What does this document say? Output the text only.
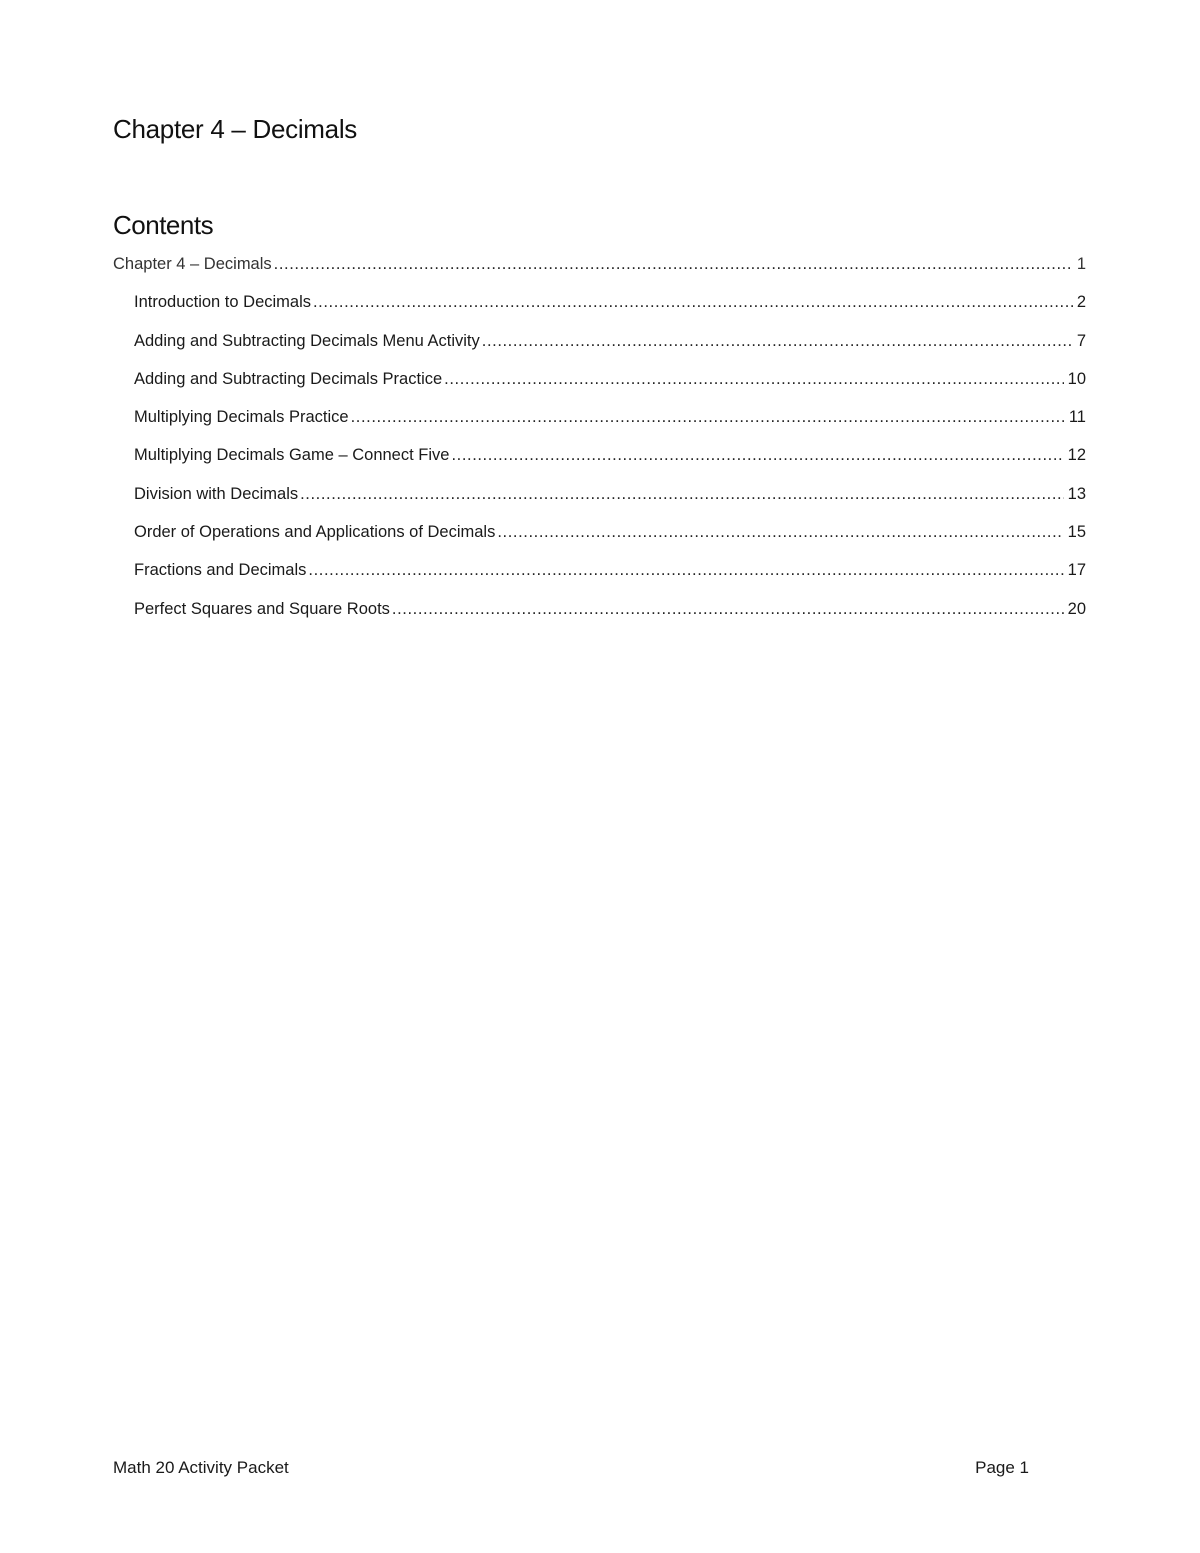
Chapter 4 – Decimals
Contents
Chapter 4 – Decimals .....	1
Introduction to Decimals .....	2
Adding and Subtracting Decimals Menu Activity .....	7
Adding and Subtracting Decimals Practice .....	10
Multiplying Decimals Practice .....	11
Multiplying Decimals Game – Connect Five .....	12
Division with Decimals .....	13
Order of Operations and Applications of Decimals .....	15
Fractions and Decimals .....	17
Perfect Squares and Square Roots .....	20
Math 20 Activity Packet	Page 1
